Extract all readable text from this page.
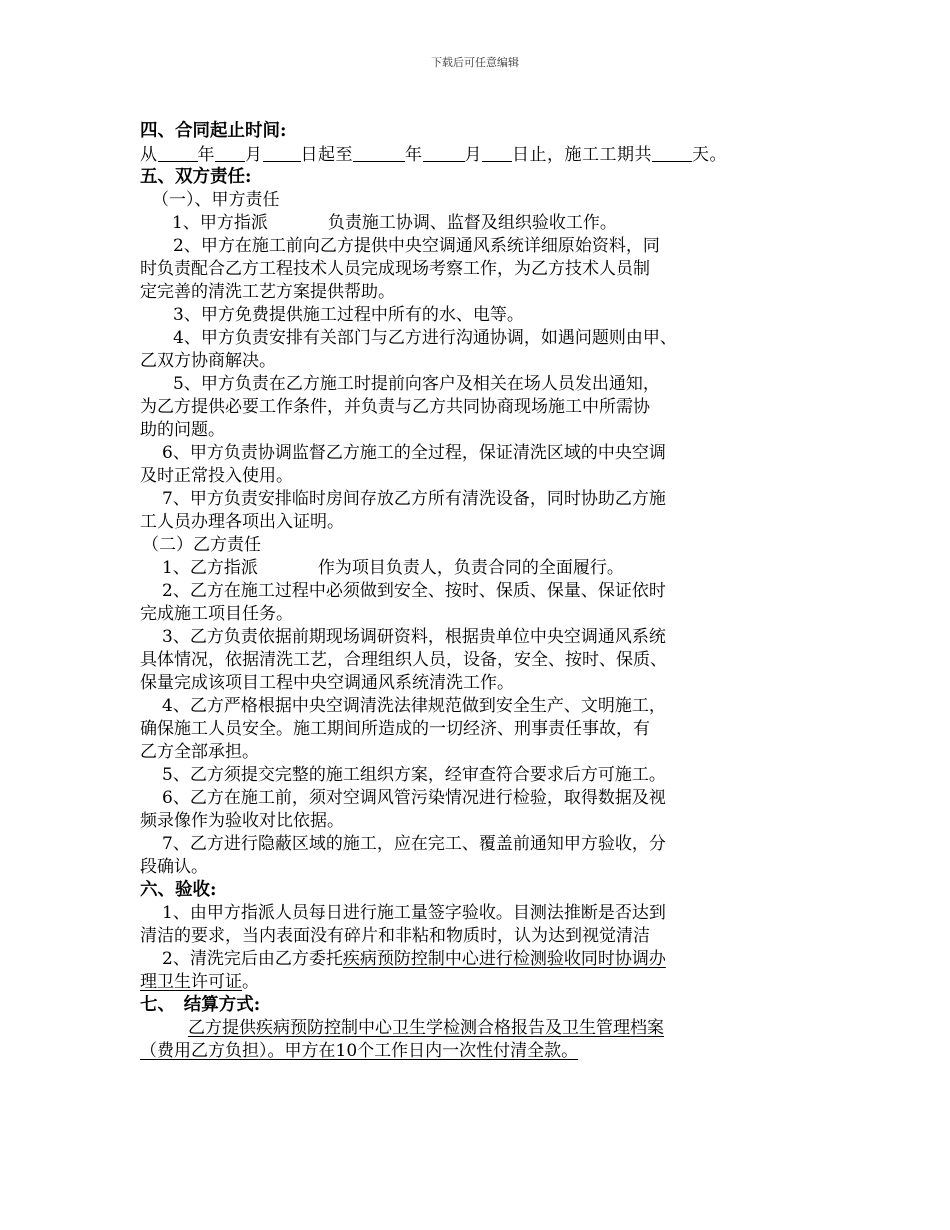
下载后可任意编辑
四、合同起止时间:
从 年 月 日起至	年 月 日止，施工工期共 天。
五、双方责任:
（一）、甲方责任
1、甲方指派	负责施工协调、监督及组织验收工作。
2、甲方在施工前向乙方提供中央空调通风系统详细原始资料，同
时负责配合乙方工程技术人员完成现场考察工作，为乙方技术人员制
定完善的清洗工艺方案提供帮助。
3、甲方免费提供施工过程中所有的水、电等。
4、甲方负责安排有关部门与乙方进行沟通协调，如遇问题则由甲、
乙双方协商解决。
5、甲方负责在乙方施工时提前向客户及相关在场人员发出通知，
为乙方提供必要工作条件，并负责与乙方共同协商现场施工中所需协
助的问题。
6、甲方负责协调监督乙方施工的全过程，保证清洗区域的中央空调
及时正常投入使用。
7、甲方负责安排临时房间存放乙方所有清洗设备，同时协助乙方施
工人员办理各项出入证明。
（二）乙方责任
1、乙方指派	作为项目负责人，负责合同的全面履行。
2、乙方在施工过程中必须做到安全、按时、保质、保量、保证依时
完成施工项目任务。
3、乙方负责依据前期现场调研资料，根据贵单位中央空调通风系统
具体情况，依据清洗工艺，合理组织人员，设备，安全、按时、保质、
保量完成该项目工程中央空调通风系统清洗工作。
4、乙方严格根据中央空调清洗法律规范做到安全生产、文明施工，
确保施工人员安全。施工期间所造成的一切经济、刑事责任事故，有
乙方全部承担。
5、乙方须提交完整的施工组织方案，经审查符合要求后方可施工。
6、乙方在施工前，须对空调风管污染情况进行检验，取得数据及视
频录像作为验收对比依据。
7、乙方进行隐蔽区域的施工，应在完工、覆盖前通知甲方验收，分
段确认。
六、验收:
1、由甲方指派人员每日进行施工量签字验收。目测法推断是否达到
清洁的要求，当内表面没有碎片和非粘和物质时，认为达到视觉清洁
2、清洗完后由乙方委托疾病预防控制中心进行检测验收同时协调办
理卫生许可证。
七、　结算方式:
乙方提供疾病预防控制中心卫生学检测合格报告及卫生管理档案
（费用乙方负担）。甲方在10个工作日内一次性付清全款。
